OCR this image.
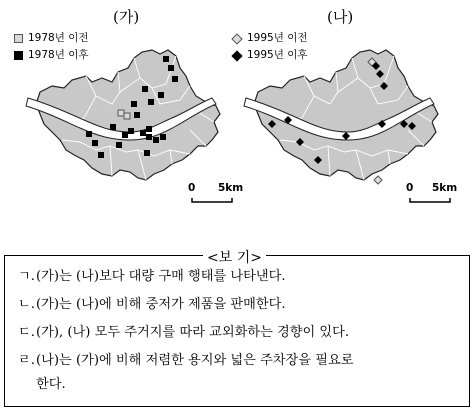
(가)	(나)
1978년 이전
1978년 이후
1995년 이전
1995년 이후
0 5km	0 5km
<보 기>
ㄱ.(가)는 (나)보다 대량 구매 행태를 나타낸다.
ㄴ.(가)는 (나)에 비해 중저가 제품을 판매한다.
ㄷ.(가), (나) 모두 주거지를 따라 교외화하는 경향이 있다.
ㄹ.(나)는 (가)에 비해 저렴한 용지와 넓은 주차장을 필요로
한다.
